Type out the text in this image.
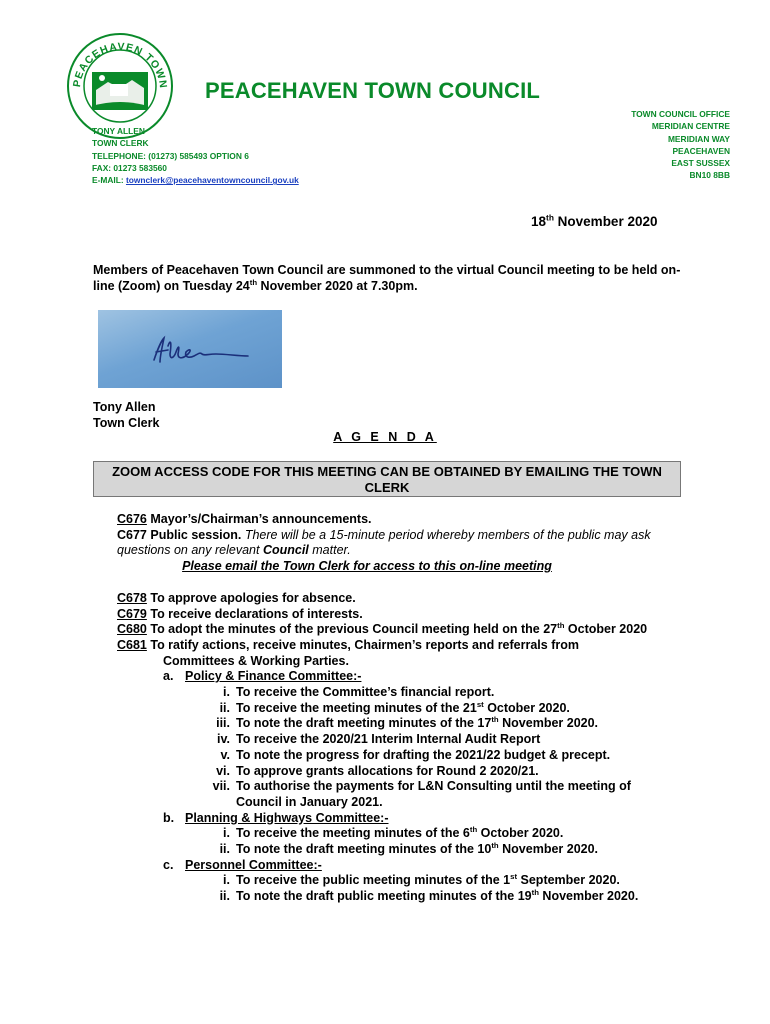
PEACEHAVEN TOWN PEACEHAVEN TOWN COUNCIL
TONY ALLEN
TOWN CLERK
TELEPHONE: (01273) 585493 OPTION 6
FAX: 01273 583560
E-MAIL: townclerk@peacehaventowncouncil.gov.uk
TOWN COUNCIL OFFICE
MERIDIAN CENTRE
MERIDIAN WAY
PEACEHAVEN
EAST SUSSEX
BN10 8BB
18th November 2020
Members of Peacehaven Town Council are summoned to the virtual Council meeting to be held on-line (Zoom) on Tuesday 24th November 2020 at 7.30pm.
Tony Allen
Town Clerk
A G E N D A
ZOOM ACCESS CODE FOR THIS MEETING CAN BE OBTAINED BY EMAILING THE TOWN CLERK

C676 Mayor’s/Chairman’s announcements.

C677 Public session. There will be a 15-minute period whereby members of the public may ask questions on any relevant Council matter.

Please email the Town Clerk for access to this on-line meeting

C678 To approve apologies for absence.

C679 To receive declarations of interests.

C680 To adopt the minutes of the previous Council meeting held on the 27th October 2020

C681 To ratify actions, receive minutes, Chairmen’s reports and referrals from

Committees & Working Parties.

a. Policy & Finance Committee:-
i. To receive the Committee’s financial report.
ii. To receive the meeting minutes of the 21st October 2020.
iii. To note the draft meeting minutes of the 17th November 2020.
iv. To receive the 2020/21 Interim Internal Audit Report
v. To note the progress for drafting the 2021/22 budget & precept.
vi. To approve grants allocations for Round 2 2020/21.
vii. To authorise the payments for L&N Consulting until the meeting of Council in January 2021.
b. Planning & Highways Committee:-
i. To receive the meeting minutes of the 6th October 2020.
ii. To note the draft meeting minutes of the 10th November 2020.
c. Personnel Committee:-
i. To receive the public meeting minutes of the 1st September 2020.
ii. To note the draft public meeting minutes of the 19th November 2020.
